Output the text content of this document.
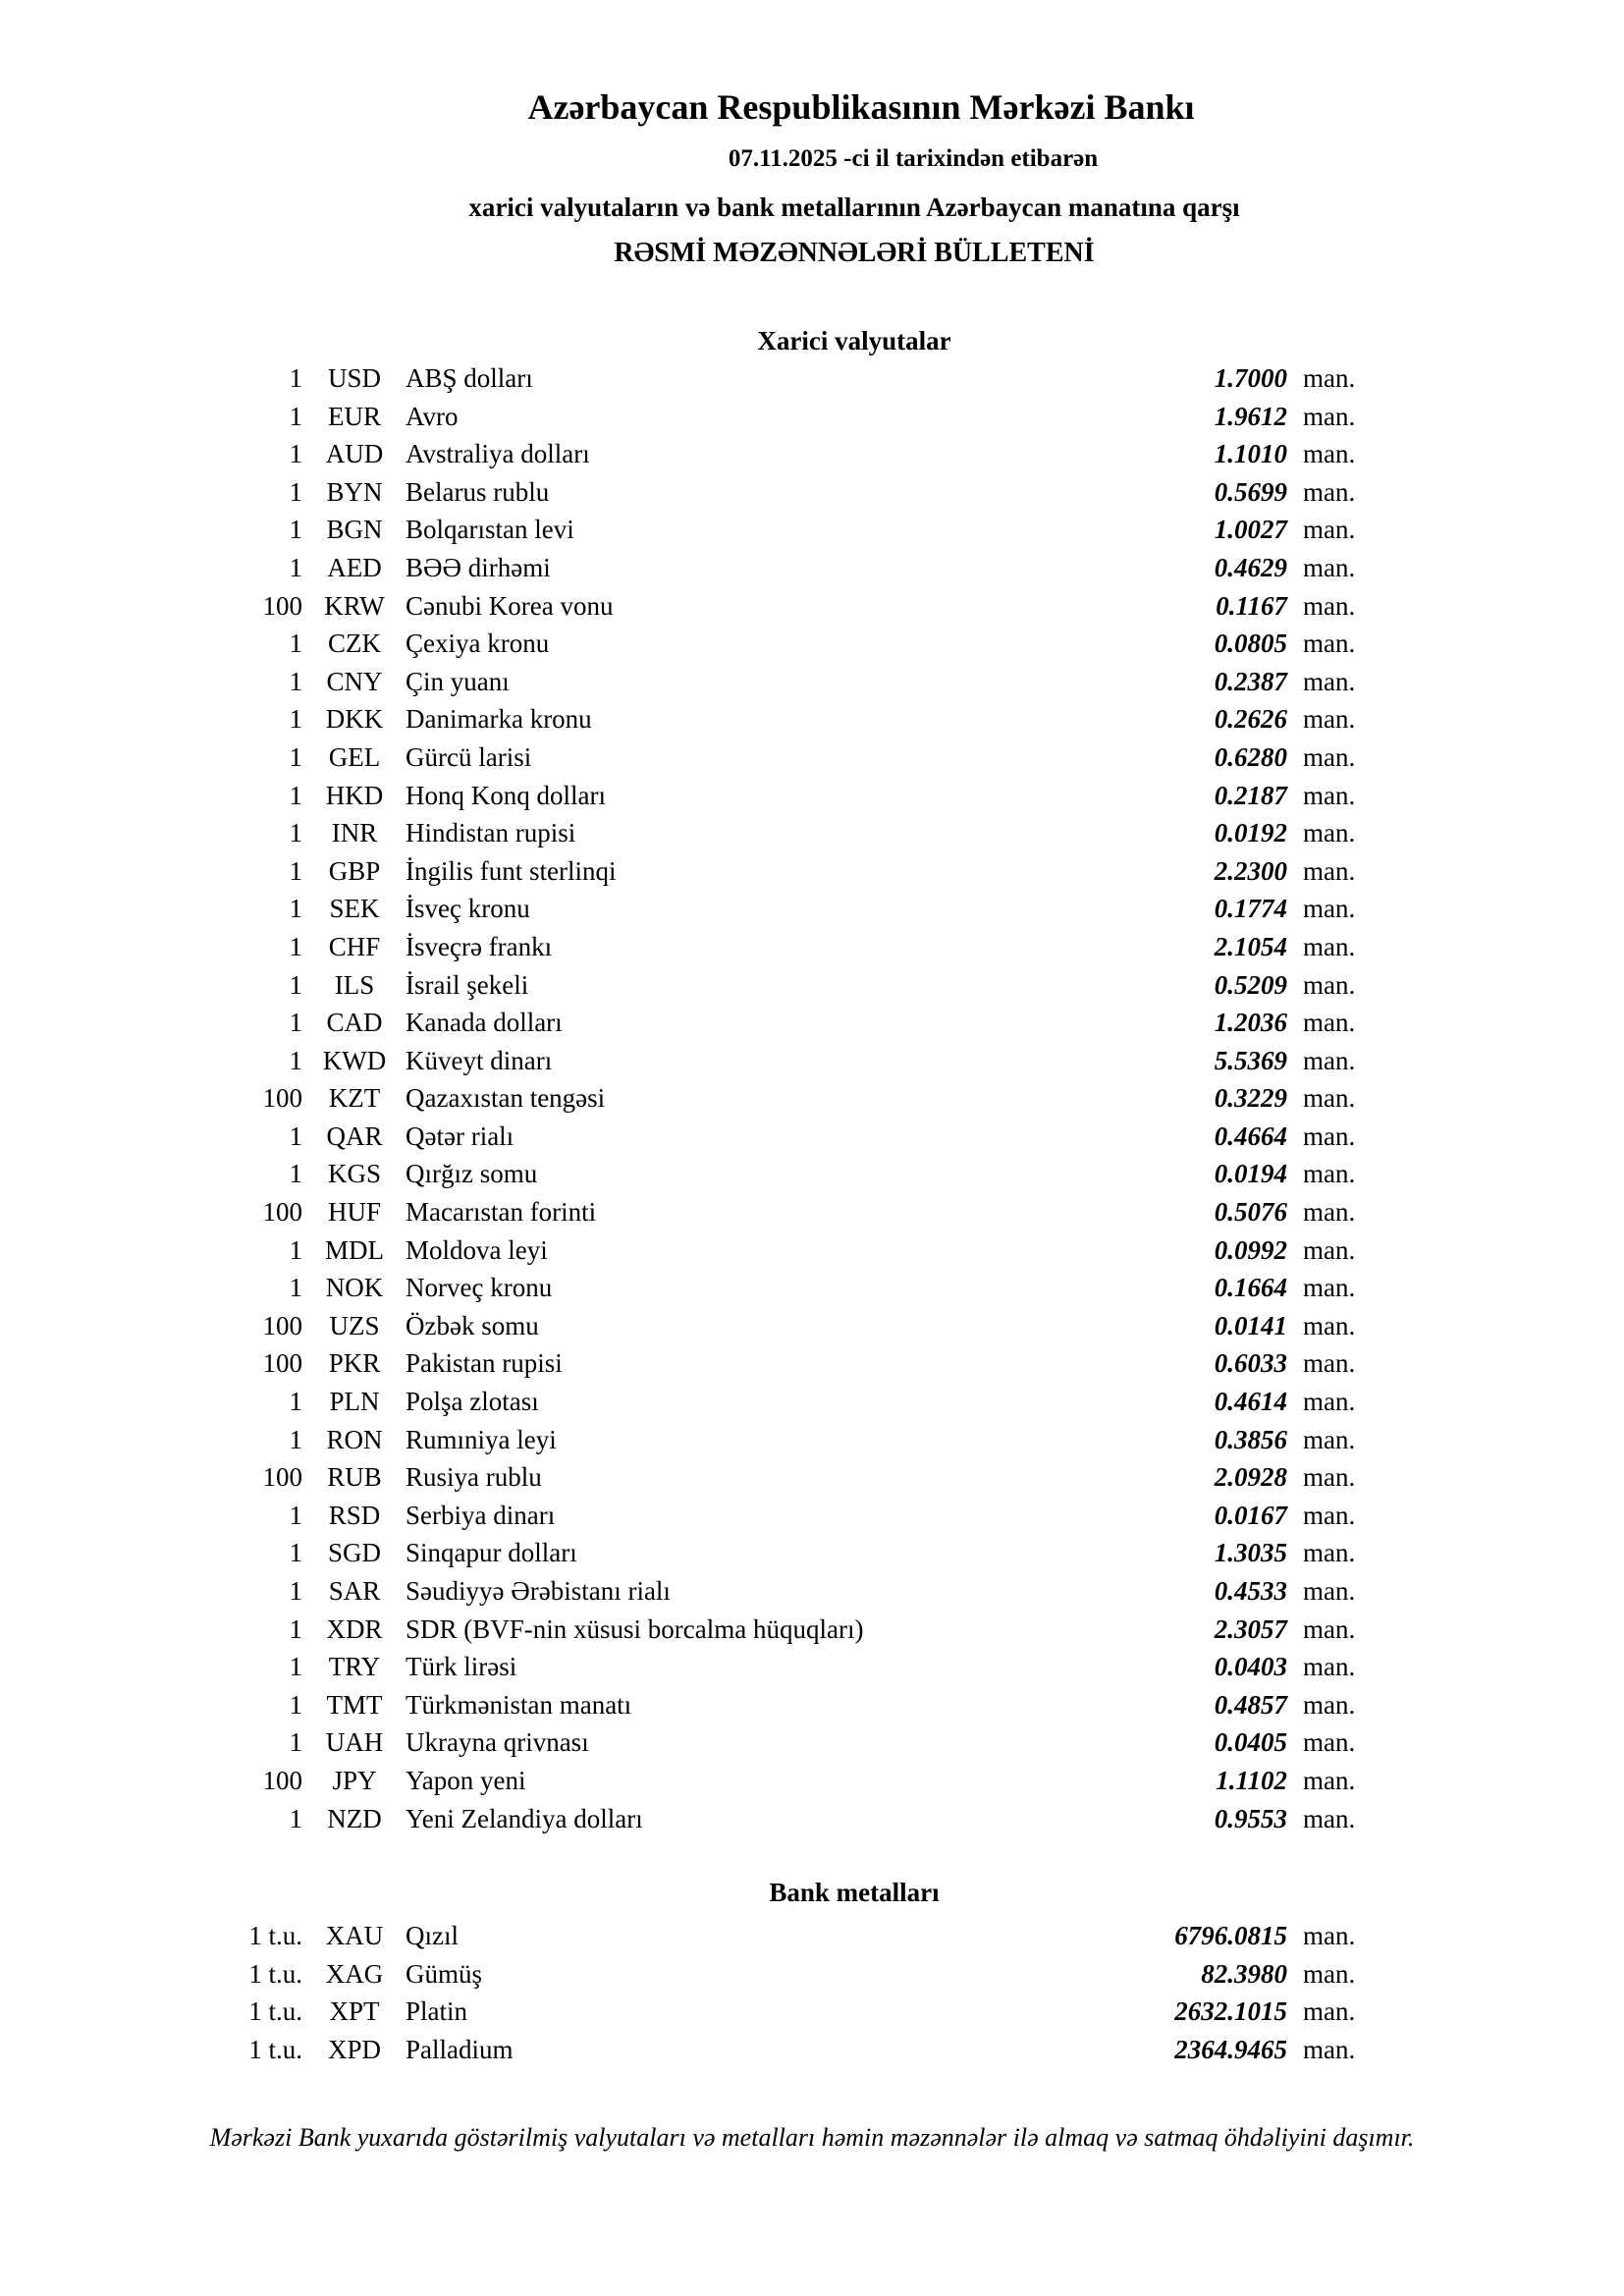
Azərbaycan Respublikasının Mərkəzi Bankı
07.11.2025 -ci il tarixindən etibarən
xarici valyutaların və bank metallarının Azərbaycan manatına qarşı
RƏSMİ MƏZƏNNƏLƏRİ BÜLLETENİ
Xarici valyutalar
1 USD ABŞ dolları	1.7000 man.
1 EUR Avro	1.9612 man.
1 AUD Avstraliya dolları	1.1010 man.
1 BYN Belarus rublu	0.5699 man.
1 BGN Bolqarıstan levi	1.0027 man.
1 AED BƏƏ dirhəmi	0.4629 man.
100 KRW Cənubi Korea vonu	0.1167 man.
1 CZK Çexiya kronu	0.0805 man.
1 CNY Çin yuanı	0.2387 man.
1 DKK Danimarka kronu	0.2626 man.
1 GEL Gürcü larisi	0.6280 man.
1 HKD Honq Konq dolları	0.2187 man.
1	INR	Hindistan rupisi	0.0192 man.
1 GBP İngilis funt sterlinqi	2.2300 man.
1	SEK İsveç kronu	0.1774 man.
1 CHF İsveçrə frankı	2.1054 man.
1	ILS	İsrail şekeli	0.5209 man.
1 CAD Kanada dolları	1.2036 man.
1 KWD Küveyt dinarı	5.5369 man.
100 KZT Qazaxıstan tengəsi	0.3229 man.
1 QAR Qətər rialı	0.4664 man.
1 KGS Qırğız somu	0.0194 man.
100 HUF Macarıstan forinti	0.5076 man.
1 MDL Moldova leyi	0.0992 man.
1 NOK Norveç kronu	0.1664 man.
100	UZS Özbək somu	0.0141 man.
100 PKR Pakistan rupisi	0.6033 man.
1	PLN Polşa zlotası	0.4614 man.
1 RON Rumıniya leyi	0.3856 man.
100 RUB Rusiya rublu	2.0928 man.
1 RSD Serbiya dinarı	0.0167 man.
1 SGD Sinqapur dolları	1.3035 man.
1 SAR Səudiyyə Ərəbistanı rialı	0.4533 man.
1 XDR SDR (BVF-nin xüsusi borcalma hüquqları)	2.3057 man.
1 TRY Türk lirəsi	0.0403 man.
1 TMT Türkmənistan manatı	0.4857 man.
1 UAH Ukrayna qrivnası	0.0405 man.
100	JPY	Yapon yeni	1.1102 man.
1 NZD Yeni Zelandiya dolları	0.9553 man.
Bank metalları
1 t.u. XAU Qızıl	6796.0815 man.
1 t.u. XAG Gümüş	82.3980 man.
1 t.u.	XPT Platin	2632.1015 man.
1 t.u. XPD Palladium	2364.9465 man.
Mərkəzi Bank yuxarıda göstərilmiş valyutaları və metalları həmin məzənnələr ilə almaq və satmaq öhdəliyini daşımır.
